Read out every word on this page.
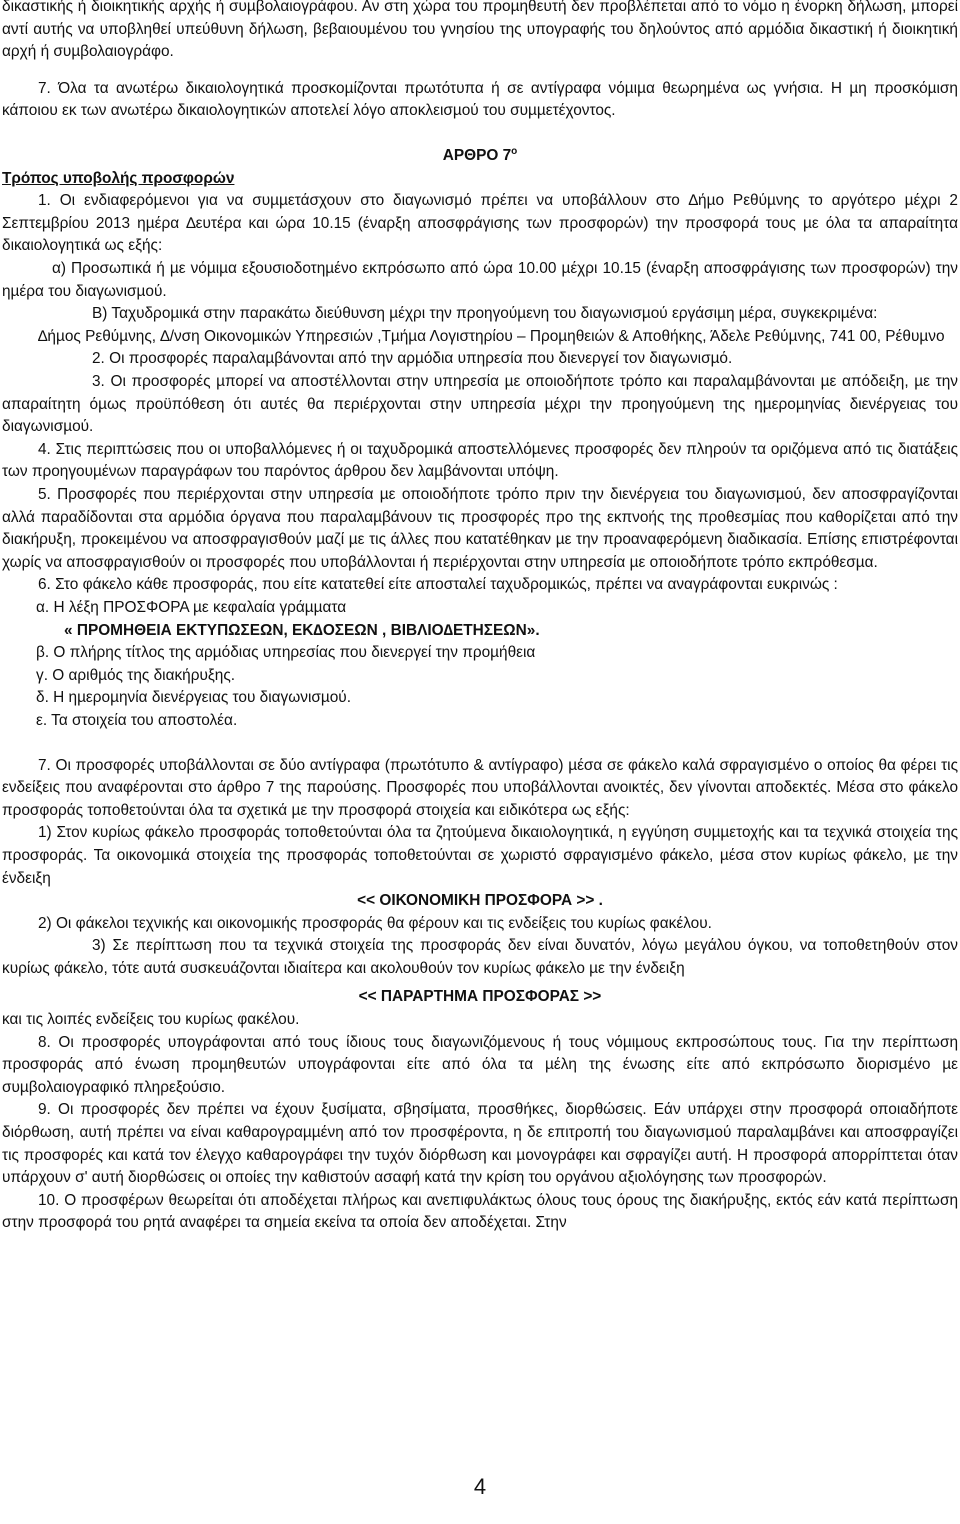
δικαστικής ή διοικητικής αρχής ή συµβολαιογράφου. Αν στη χώρα του προµηθευτή δεν προβλέπεται από το νόµο η ένορκη δήλωση, µπορεί αντί αυτής να υποβληθεί υπεύθυνη δήλωση, βεβαιουµένου του γνησίου της υπογραφής του δηλούντος από αρµόδια δικαστική ή διοικητική αρχή ή συµβολαιογράφο.

7. Όλα τα ανωτέρω δικαιολογητικά προσκοµίζονται πρωτότυπα ή σε αντίγραφα νόµιµα θεωρηµένα ως γνήσια. Η µη προσκόµιση κάποιου εκ των ανωτέρω δικαιολογητικών αποτελεί λόγο αποκλεισµού του συµµετέχοντος.

ΑΡΘΡΟ $7^o$
Τρόπος υποβολής προσφορών

1. Οι ενδιαφερόµενοι για να συµµετάσχουν στο διαγωνισµό πρέπει να υποβάλλουν στο ∆ήµο Ρεθύµνης το αργότερο µέχρι 2 Σεπτεµβρίου 2013 ηµέρα ∆ευτέρα και ώρα 10.15 (έναρξη αποσφράγισης των προσφορών) την προσφορά τους µε όλα τα απαραίτητα δικαιολογητικά ως εξής:

α) Προσωπικά ή µε νόµιµα εξουσιοδοτηµένο εκπρόσωπο από ώρα 10.00 µέχρι 10.15 (έναρξη αποσφράγισης των προσφορών) την ηµέρα του διαγωνισµού.

Β) Ταχυδροµικά στην παρακάτω διεύθυνση µέχρι την προηγούµενη του διαγωνισµού εργάσιµη µέρα, συγκεκριµένα:

∆ήµος Ρεθύµνης, ∆/νση Οικονοµικών Υπηρεσιών ,Τµήµα Λογιστηρίου – Προµηθειών & Αποθήκης, Άδελε Ρεθύµνης, 741 00, Ρέθυµνο

2. Οι προσφορές παραλαµβάνονται από την αρµόδια υπηρεσία που διενεργεί τον διαγωνισµό.

3. Οι προσφορές µπορεί να αποστέλλονται στην υπηρεσία µε οποιοδήποτε τρόπο και παραλαµβάνονται µε απόδειξη, µε την απαραίτητη όµως προϋπόθεση ότι αυτές θα περιέρχονται στην υπηρεσία µέχρι την προηγούµενη της ηµεροµηνίας διενέργειας του διαγωνισµού.

4. Στις περιπτώσεις που οι υποβαλλόµενες ή οι ταχυδροµικά αποστελλόµενες προσφορές δεν πληρούν τα οριζόµενα από τις διατάξεις των προηγουµένων παραγράφων του παρόντος άρθρου δεν λαµβάνονται υπόψη.

5. Προσφορές που περιέρχονται στην υπηρεσία µε οποιοδήποτε τρόπο πριν την διενέργεια του διαγωνισµού, δεν αποσφραγίζονται αλλά παραδίδονται στα αρµόδια όργανα που παραλαµβάνουν τις προσφορές προ της εκπνοής της προθεσµίας που καθορίζεται από την διακήρυξη, προκειµένου να αποσφραγισθούν µαζί µε τις άλλες που κατατέθηκαν µε την προαναφερόµενη διαδικασία. Επίσης επιστρέφονται χωρίς να αποσφραγισθούν οι προσφορές που υποβάλλονται ή περιέρχονται στην υπηρεσία µε οποιοδήποτε τρόπο εκπρόθεσµα.

6. Στο φάκελο κάθε προσφοράς, που είτε κατατεθεί είτε αποσταλεί ταχυδροµικώς, πρέπει να αναγράφονται ευκρινώς :

α. Η λέξη ΠΡΟΣΦΟΡΑ µε κεφαλαία γράµµατα
« ΠΡΟΜΗΘΕΙΑ ΕΚΤΥΠΩΣΕΩΝ, ΕΚ∆ΟΣΕΩΝ , ΒΙΒΛΙΟ∆ΕΤΗΣΕΩΝ».
β. Ο πλήρης τίτλος της αρµόδιας υπηρεσίας που διενεργεί την προµήθεια
γ. Ο αριθµός της διακήρυξης.
δ. Η ηµεροµηνία διενέργειας του διαγωνισµού.
ε. Τα στοιχεία του αποστολέα.

7. Οι προσφορές υποβάλλονται σε δύο αντίγραφα (πρωτότυπο & αντίγραφο) µέσα σε φάκελο καλά σφραγισµένο ο οποίος θα φέρει τις ενδείξεις που αναφέρονται στο άρθρο 7 της παρούσης. Προσφορές που υποβάλλονται ανοικτές, δεν γίνονται αποδεκτές. Μέσα στο φάκελο προσφοράς τοποθετούνται όλα τα σχετικά µε την προσφορά στοιχεία και ειδικότερα ως εξής:

1) Στον κυρίως φάκελο προσφοράς τοποθετούνται όλα τα ζητούµενα δικαιολογητικά, η εγγύηση συµµετοχής και τα τεχνικά στοιχεία της προσφοράς. Τα οικονοµικά στοιχεία της προσφοράς τοποθετούνται σε χωριστό σφραγισµένο φάκελο, µέσα στον κυρίως φάκελο, µε την ένδειξη

<< ΟΙΚΟΝΟΜΙΚΗ ΠΡΟΣΦΟΡΑ >> .

2) Οι φάκελοι τεχνικής και οικονοµικής προσφοράς θα φέρουν και τις ενδείξεις του κυρίως φακέλου.

3) Σε περίπτωση που τα τεχνικά στοιχεία της προσφοράς δεν είναι δυνατόν, λόγω µεγάλου όγκου, να τοποθετηθούν στον κυρίως φάκελο, τότε αυτά συσκευάζονται ιδιαίτερα και ακολουθούν τον κυρίως φάκελο µε την ένδειξη

<< ΠΑΡΑΡΤΗΜΑ ΠΡΟΣΦΟΡΑΣ >>

και τις λοιπές ενδείξεις του κυρίως φακέλου.

8. Οι προσφορές υπογράφονται από τους ίδιους τους διαγωνιζόµενους ή τους νόµιµους εκπροσώπους τους. Για την περίπτωση προσφοράς από ένωση προµηθευτών υπογράφονται είτε από όλα τα µέλη της ένωσης είτε από εκπρόσωπο διορισµένο µε συµβολαιογραφικό πληρεξούσιο.

9. Οι προσφορές δεν πρέπει να έχουν ξυσίµατα, σβησίµατα, προσθήκες, διορθώσεις. Εάν υπάρχει στην προσφορά οποιαδήποτε διόρθωση, αυτή πρέπει να είναι καθαρογραµµένη από τον προσφέροντα, η δε επιτροπή του διαγωνισµού παραλαµβάνει και αποσφραγίζει τις προσφορές και κατά τον έλεγχο καθαρογράφει την τυχόν διόρθωση και µονογράφει και σφραγίζει αυτή. Η προσφορά απορρίπτεται όταν υπάρχουν σ' αυτή διορθώσεις οι οποίες την καθιστούν ασαφή κατά την κρίση του οργάνου αξιολόγησης των προσφορών.

10. Ο προσφέρων θεωρείται ότι αποδέχεται πλήρως και ανεπιφυλάκτως όλους τους όρους της διακήρυξης, εκτός εάν κατά περίπτωση στην προσφορά του ρητά αναφέρει τα σηµεία εκείνα τα οποία δεν αποδέχεται. Στην

4
